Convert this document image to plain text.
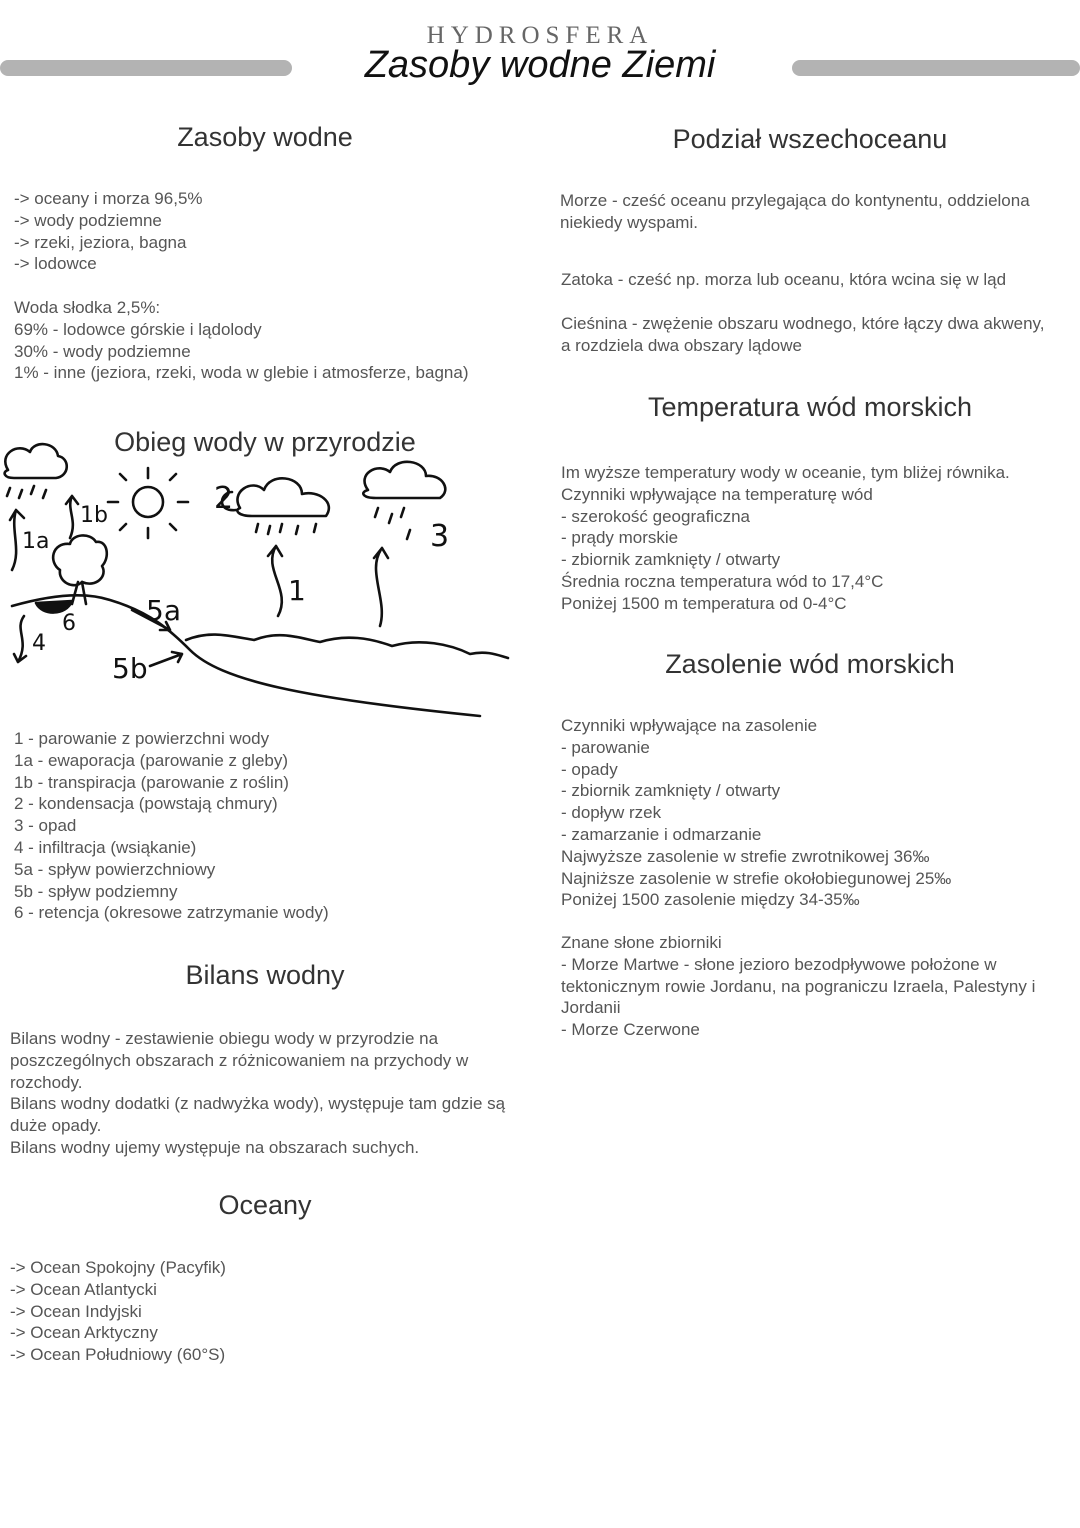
HYDROSFERA
Zasoby wodne Ziemi
Zasoby wodne
-> oceany i morza 96,5%
-> wody podziemne
-> rzeki, jeziora, bagna
-> lodowce
Woda słodka 2,5%:
69% - lodowce górskie i lądolody
30% - wody podziemne
1% - inne (jeziora, rzeki, woda w glebie i atmosferze, bagna)
Obieg wody w przyrodzie
1a
1b	2
1
3
4
6	5a
5b
1 - parowanie z powierzchni wody
1a - ewaporacja (parowanie z gleby)
1b - transpiracja (parowanie z roślin)
2 - kondensacja (powstają chmury)
3 - opad
4 - infiltracja (wsiąkanie)
5a - spływ powierzchniowy
5b - spływ podziemny
6 - retencja (okresowe zatrzymanie wody)
Bilans wodny
Bilans wodny - zestawienie obiegu wody w przyrodzie na poszczególnych obszarach z różnicowaniem na przychody w rozchody.
Bilans wodny dodatki (z nadwyżka wody), występuje tam gdzie są duże opady.
Bilans wodny ujemy występuje na obszarach suchych.
Oceany
-> Ocean Spokojny (Pacyfik)
-> Ocean Atlantycki
-> Ocean Indyjski
-> Ocean Arktyczny
-> Ocean Południowy (60°S)
Podział wszechoceanu
Morze - cześć oceanu przylegająca do kontynentu, oddzielona niekiedy wyspami.
Zatoka - cześć np. morza lub oceanu, która wcina się w ląd
Cieśnina - zwężenie obszaru wodnego, które łączy dwa akweny, a rozdziela dwa obszary lądowe
Temperatura wód morskich
Im wyższe temperatury wody w oceanie, tym bliżej równika.
Czynniki wpływające na temperaturę wód
- szerokość geograficzna
- prądy morskie
- zbiornik zamknięty / otwarty
Średnia roczna temperatura wód to 17,4°C
Poniżej 1500 m temperatura od 0-4°C
Zasolenie wód morskich
Czynniki wpływające na zasolenie
- parowanie
- opady
- zbiornik zamknięty / otwarty
- dopływ rzek
- zamarzanie i odmarzanie
Najwyższe zasolenie w strefie zwrotnikowej 36‰
Najniższe zasolenie w strefie okołobiegunowej 25‰
Poniżej 1500 zasolenie między 34-35‰
Znane słone zbiorniki
- Morze Martwe - słone jezioro bezodpływowe położone w tektonicznym rowie Jordanu, na pograniczu Izraela, Palestyny i Jordanii
- Morze Czerwone
